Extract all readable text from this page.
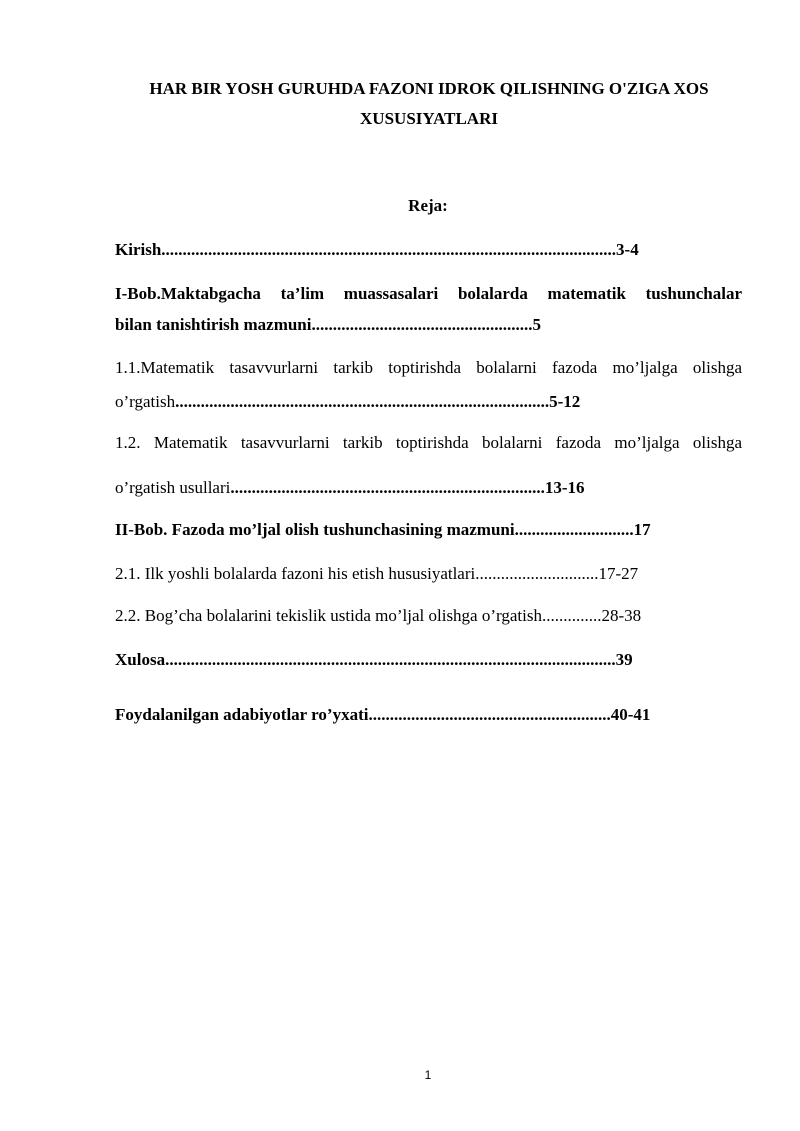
HAR BIR YOSH GURUHDA FAZONI IDROK QILISHNING O'ZIGA XOS
XUSUSIYATLARI
Reja:
Kirish...........................................................................................................3-4
I-Bob.Maktabgacha ta’lim muassasalari bolalarda matematik tushunchalar
bilan tanishtirish mazmuni....................................................5
1.1.Matematik tasavvurlarni tarkib toptirishda bolalarni fazoda mo’ljalga olishga
o’rgatish........................................................................................5-12
1.2. Matematik tasavvurlarni tarkib toptirishda bolalarni fazoda mo’ljalga olishga
o’rgatish usullari..........................................................................13-16
II-Bob. Fazoda mo’ljal olish tushunchasining mazmuni............................17
2.1. Ilk yoshli bolalarda fazoni his etish hususiyatlari.............................17-27
2.2. Bog’cha bolalarini tekislik ustida mo’ljal olishga o’rgatish..............28-38
Xulosa..........................................................................................................39
Foydalanilgan adabiyotlar ro’yxati.........................................................40-41
1
